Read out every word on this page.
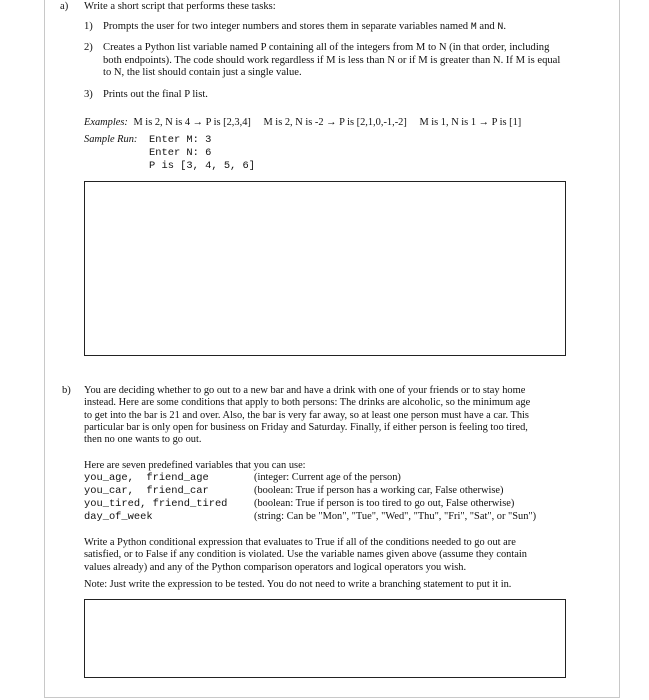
a) Write a short script that performs these tasks:
1) Prompts the user for two integer numbers and stores them in separate variables named M and N.
2) Creates a Python list variable named P containing all of the integers from M to N (in that order, including
both endpoints). The code should work regardless if M is less than N or if M is greater than N. If M is equal
to N, the list should contain just a single value.
3) Prints out the final P list.
Examples: M is 2, N is 4 → P is [2,3,4] M is 2, N is -2 → P is [2,1,0,-1,-2] M is 1, N is 1 → P is [1]
Sample Run: Enter M: 3
Enter N: 6
P is [3, 4, 5, 6]
b) You are deciding whether to go out to a new bar and have a drink with one of your friends or to stay home
instead. Here are some conditions that apply to both persons: The drinks are alcoholic, so the minimum age
to get into the bar is 21 and over. Also, the bar is very far away, so at least one person must have a car. This
particular bar is only open for business on Friday and Saturday. Finally, if either person is feeling too tired,
then no one wants to go out.
Here are seven predefined variables that you can use:
you_age,  friend_age	(integer: Current age of the person)
you_car,  friend_car	(boolean: True if person has a working car, False otherwise)
you_tired, friend_tired	(boolean: True if person is too tired to go out, False otherwise)
day_of_week	(string: Can be "Mon", "Tue", "Wed", "Thu", "Fri", "Sat", or "Sun")
Write a Python conditional expression that evaluates to True if all of the conditions needed to go out are
satisfied, or to False if any condition is violated. Use the variable names given above (assume they contain
values already) and any of the Python comparison operators and logical operators you wish.
Note: Just write the expression to be tested. You do not need to write a branching statement to put it in.
